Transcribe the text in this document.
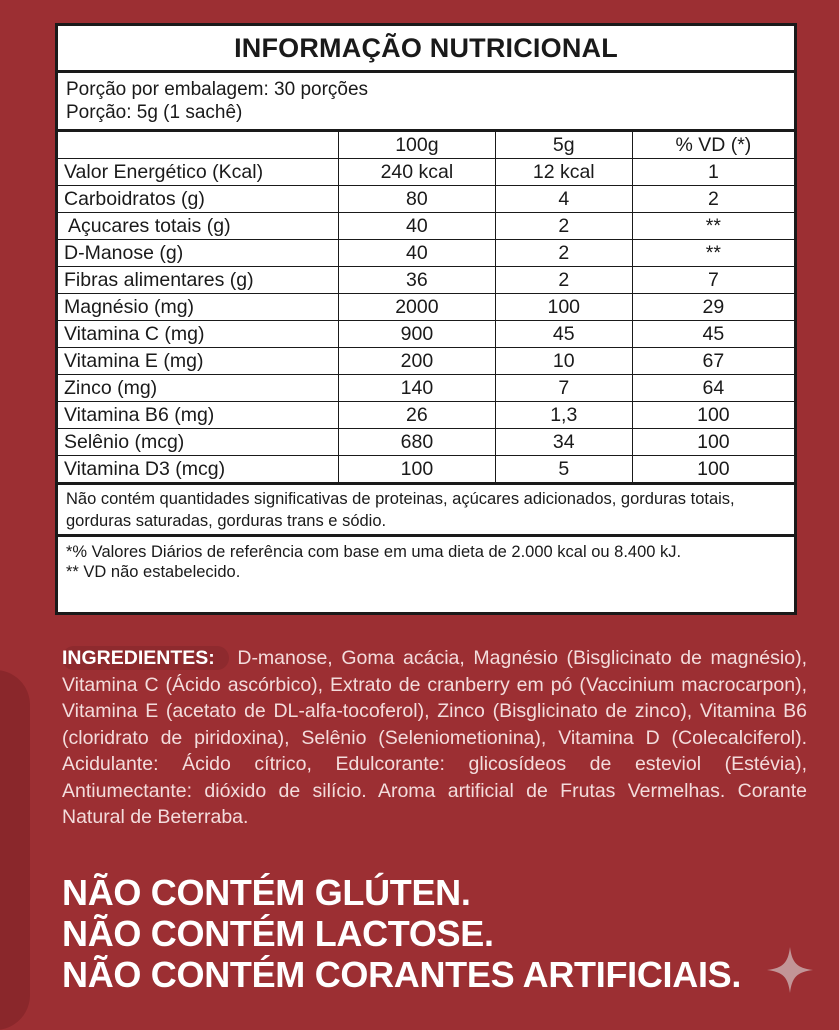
INFORMAÇÃO NUTRICIONAL
Porção por embalagem: 30 porções
Porção: 5g (1 sachê)
	100g	5g	% VD (*)
Valor Energético (Kcal)	240 kcal	12 kcal	1
Carboidratos (g)	80	4	2
Açucares totais (g)	40	2	**
D-Manose (g)	40	2	**
Fibras alimentares (g)	36	2	7
Magnésio (mg)	2000	100	29
Vitamina C (mg)	900	45	45
Vitamina E (mg)	200	10	67
Zinco (mg)	140	7	64
Vitamina B6 (mg)	26	1,3	100
Selênio (mcg)	680	34	100
Vitamina D3 (mcg)	100	5	100
Não contém quantidades significativas de proteinas, açúcares adicionados, gorduras totais, gorduras saturadas, gorduras trans e sódio.
*% Valores Diários de referência com base em uma dieta de 2.000 kcal ou 8.400 kJ.
** VD não estabelecido.
INGREDIENTES: D-manose, Goma acácia, Magnésio (Bisglicinato de magnésio), Vitamina C (Ácido ascórbico), Extrato de cranberry em pó (Vaccinium macrocarpon), Vitamina E (acetato de DL-alfa-tocoferol), Zinco (Bisglicinato de zinco), Vitamina B6 (cloridrato de piridoxina), Selênio (Seleniometionina), Vitamina D (Colecalciferol). Acidulante: Ácido cítrico, Edulcorante: glicosídeos de esteviol (Estévia), Antiumectante: dióxido de silício. Aroma artificial de Frutas Vermelhas. Corante Natural de Beterraba.
NÃO CONTÉM GLÚTEN.
NÃO CONTÉM LACTOSE.
NÃO CONTÉM CORANTES ARTIFICIAIS.
